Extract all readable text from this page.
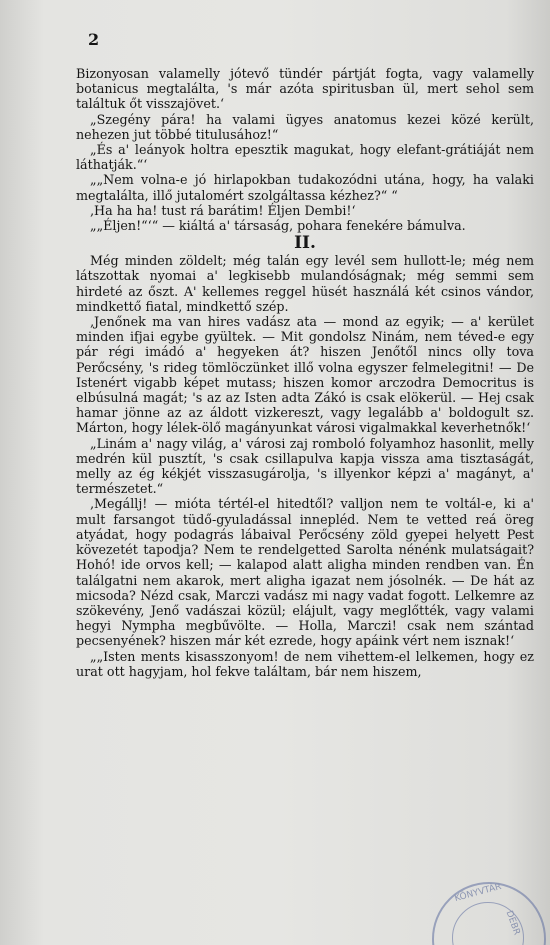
2

Bizonyosan valamelly jótevő tündér pártját fogta, vagy valamelly botanicus megtalálta, 's már azóta spiritusban ül, mert sehol sem találtuk őt visszajövet.‘

„Szegény pára! ha valami ügyes anatomus kezei közé került, nehezen jut többé titulusához!“

„És a' leányok holtra epesztik magukat, hogy elefant-grátiáját nem láthatják.“‘

„„Nem volna-e jó hirlapokban tudakozódni utána, hogy, ha valaki megtalálta, illő jutalomért szolgáltassa kézhez?“ “

‚Ha ha ha! tust rá barátim! Éljen Dembi!‘

„„Éljen!“‘“ — kiáltá a' társaság, pohara fenekére bámulva.

II.

Még minden zöldelt; még talán egy levél sem hullott-le; még nem látszottak nyomai a' legkisebb mulandóságnak; még semmi sem hirdeté az őszt. A' kellemes reggel hüsét használá két csinos vándor, mindkettő fiatal, mindkettő szép.

‚Jenőnek ma van hires vadász ata — mond az egyik; — a' kerület minden ifjai egybe gyültek. — Mit gondolsz Ninám, nem téved-e egy pár régi imádó a' hegyeken át? hiszen Jenőtől nincs olly tova Perőcsény, 's rideg tömlöczünket illő volna egyszer felmelegitni! — De Istenért vigabb képet mutass; hiszen komor arczodra Democritus is elbúsulná magát; 's az az Isten adta Zákó is csak elökerül. — Hej csak hamar jönne az az áldott vizkereszt, vagy legalább a' boldogult sz. Márton, hogy lélek-ölő magányunkat városi vigalmakkal keverhetnők!‘

„Linám a' nagy világ, a' városi zaj romboló folyamhoz hasonlit, melly medrén kül pusztít, 's csak csillapulva kapja vissza ama tisztaságát, melly az ég kékjét visszasugárolja, 's illyenkor képzi a' magányt, a' természetet.“

‚Megállj! — mióta tértél-el hitedtől? valljon nem te voltál-e, ki a' mult farsangot tüdő-gyuladással innepléd. Nem te vetted reá öreg atyádat, hogy podagrás lábaival Perőcsény zöld gyepei helyett Pest kövezetét tapodja? Nem te rendelgetted Sarolta nénénk mulatságait? Hohó! ide orvos kell; — kalapod alatt aligha minden rendben van. Én találgatni nem akarok, mert aligha igazat nem jósolnék. — De hát az micsoda? Nézd csak, Marczi vadász mi nagy vadat fogott. Lelkemre az szökevény, Jenő vadászai közül; elájult, vagy meglőtték, vagy valami hegyi Nympha megbűvölte. — Holla, Marczi! csak nem szántad pecsenyének? hiszen már két ezrede, hogy apáink vért nem isznak!‘

„„Isten ments kisasszonyom! de nem vihettem-el lelkemen, hogy ez urat ott hagyjam, hol fekve találtam, bár nem hiszem,

KÖNYVTÁR
DEBR
